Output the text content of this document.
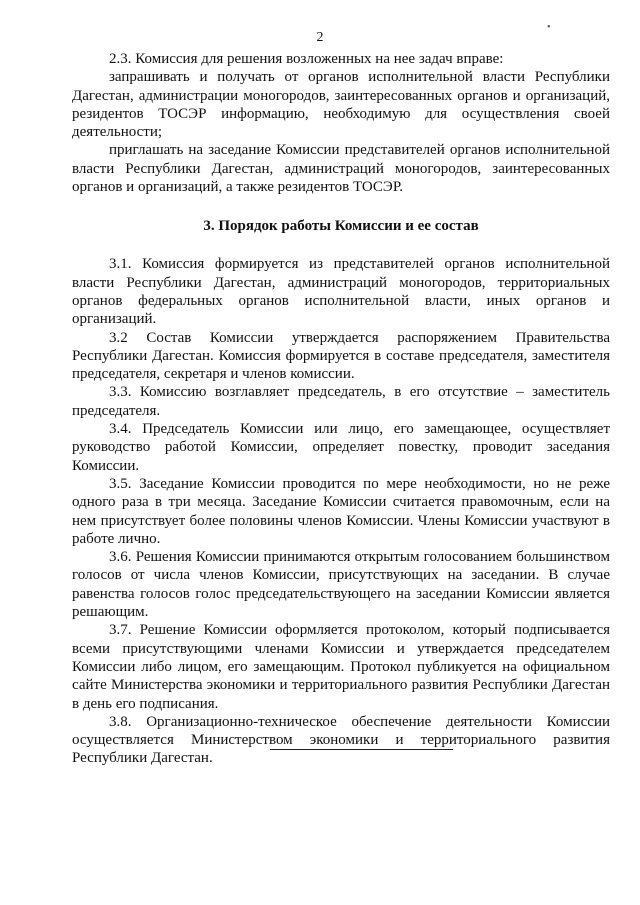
•
2

2.3. Комиссия для решения возложенных на нее задач вправе:

запрашивать и получать от органов исполнительной власти Республики Дагестан, администрации моногородов, заинтересованных органов и организаций, резидентов ТОСЭР информацию, необходимую для осуществления своей деятельности;

приглашать на заседание Комиссии представителей органов исполнительной власти Республики Дагестан, администраций моногородов, заинтересованных органов и организаций, а также резидентов ТОСЭР.

3. Порядок работы Комиссии и ее состав

3.1. Комиссия формируется из представителей органов исполнительной власти Республики Дагестан, администраций моногородов, территориальных органов федеральных органов исполнительной власти, иных органов и организаций.

3.2 Состав Комиссии утверждается распоряжением Правительства Республики Дагестан. Комиссия формируется в составе председателя, заместителя председателя, секретаря и членов комиссии.

3.3. Комиссию возглавляет председатель, в его отсутствие – заместитель председателя.

3.4. Председатель Комиссии или лицо, его замещающее, осуществляет руководство работой Комиссии, определяет повестку, проводит заседания Комиссии.

3.5. Заседание Комиссии проводится по мере необходимости, но не реже одного раза в три месяца. Заседание Комиссии считается правомочным, если на нем присутствует более половины членов Комиссии. Члены Комиссии участвуют в работе лично.

3.6. Решения Комиссии принимаются открытым голосованием большинством голосов от числа членов Комиссии, присутствующих на заседании. В случае равенства голосов голос председательствующего на заседании Комиссии является решающим.

3.7. Решение Комиссии оформляется протоколом, который подписывается всеми присутствующими членами Комиссии и утверждается председателем Комиссии либо лицом, его замещающим. Протокол публикуется на официальном сайте Министерства экономики и территориального развития Республики Дагестан в день его подписания.

3.8. Организационно-техническое обеспечение деятельности Комиссии осуществляется Министерством экономики и территориального развития Республики Дагестан.
